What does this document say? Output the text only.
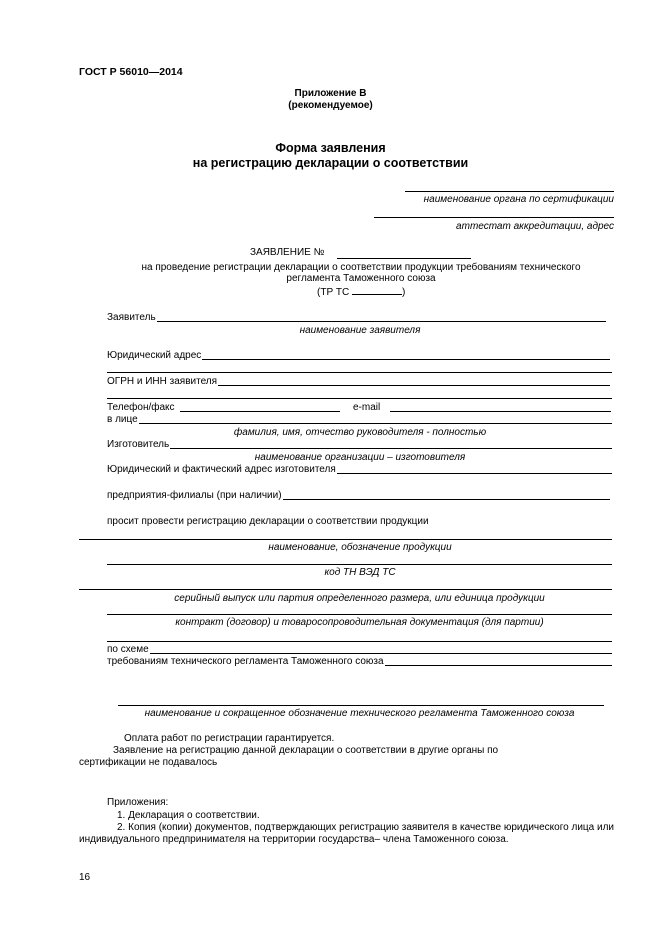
ГОСТ Р 56010—2014
Приложение В
(рекомендуемое)
Форма заявления
на регистрацию декларации о соответствии
наименование органа по сертификации
аттестат аккредитации, адрес
ЗАЯВЛЕНИЕ №
на проведение регистрации декларации о соответствии продукции требованиям технического
регламента Таможенного союза
(ТР ТС	)
Заявитель
наименование заявителя
Юридический адрес
ОГРН и ИНН заявителя
Телефон/факс	e-mail
в лице
фамилия, имя, отчество руководителя - полностью
Изготовитель
наименование организации – изготовителя
Юридический и фактический адрес изготовителя
предприятия-филиалы (при наличии)
просит провести регистрацию декларации о соответствии продукции
наименование, обозначение продукции
код ТН ВЭД ТС
серийный выпуск или партия определенного размера, или единица продукции
контракт (договор) и товаросопроводительная документация (для партии)
по схеме
требованиям технического регламента Таможенного союза
наименование и сокращенное обозначение технического регламента Таможенного союза
Оплата работ по регистрации гарантируется.
Заявление на регистрацию данной декларации о соответствии в другие органы по
сертификации не подавалось
Приложения:
1. Декларация о соответствии.
2. Копия (копии) документов, подтверждающих регистрацию заявителя в качестве юридического лица или индивидуального предпринимателя на территории государства– члена Таможенного союза.
16
